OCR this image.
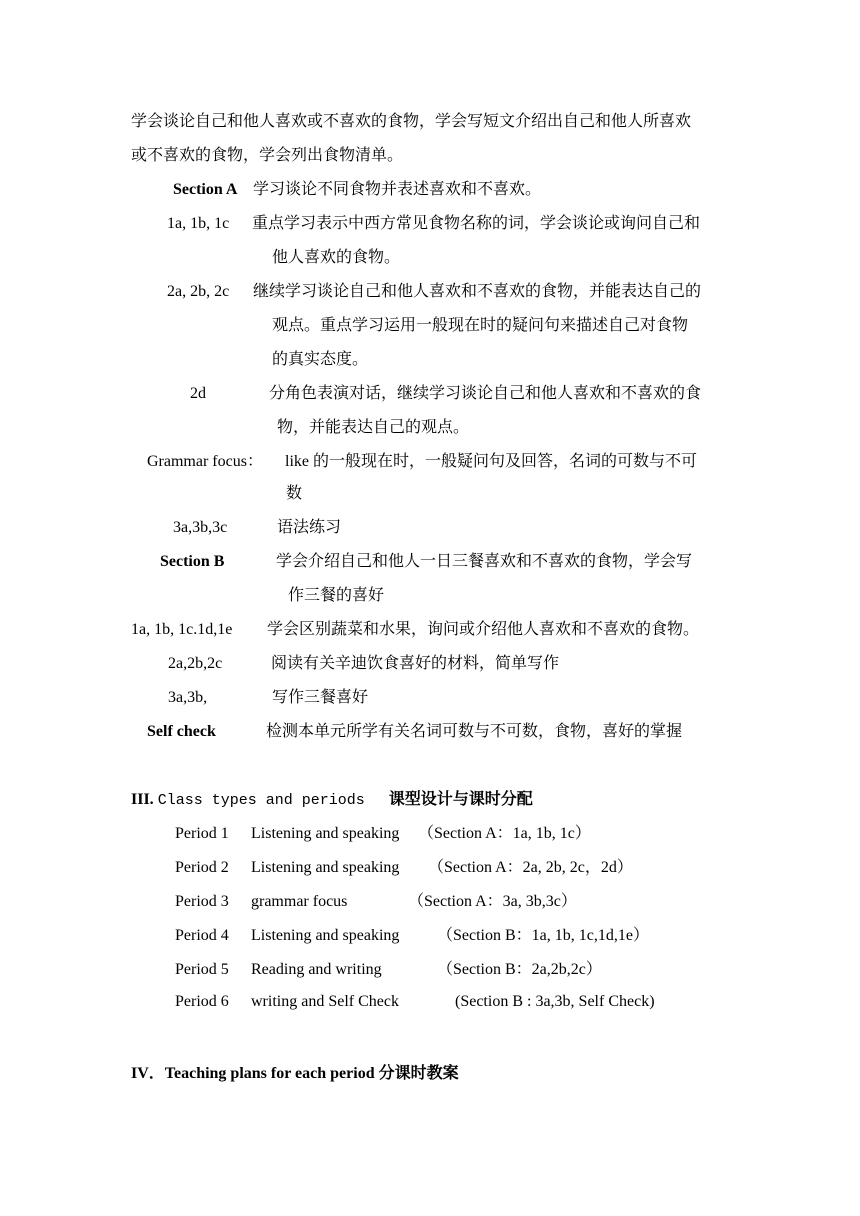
学会谈论自己和他人喜欢或不喜欢的食物，学会写短文介绍出自己和他人所喜欢
或不喜欢的食物，学会列出食物清单。
Section A 学习谈论不同食物并表述喜欢和不喜欢。
1a, 1b, 1c 重点学习表示中西方常见食物名称的词，学会谈论或询问自己和
他人喜欢的食物。
2a, 2b, 2c 继续学习谈论自己和他人喜欢和不喜欢的食物，并能表达自己的
观点。重点学习运用一般现在时的疑问句来描述自己对食物
的真实态度。
2d	分角色表演对话，继续学习谈论自己和他人喜欢和不喜欢的食
物，并能表达自己的观点。
Grammar focus： like 的一般现在时，一般疑问句及回答，名词的可数与不可
数
3a,3b,3c	语法练习
Section B	学会介绍自己和他人一日三餐喜欢和不喜欢的食物，学会写
作三餐的喜好
1a, 1b, 1c.1d,1e 学会区别蔬菜和水果，询问或介绍他人喜欢和不喜欢的食物。
2a,2b,2c	阅读有关辛迪饮食喜好的材料，简单写作
3a,3b,	写作三餐喜好
Self check	检测本单元所学有关名词可数与不可数，食物，喜好的掌握
III. Class types and periods 课型设计与课时分配
Period 1 Listening and speaking （Section A：1a, 1b, 1c）
Period 2 Listening and speaking （Section A：2a, 2b, 2c，2d）
Period 3 grammar focus	（Section A：3a, 3b,3c）
Period 4 Listening and speaking （Section B：1a, 1b, 1c,1d,1e）
Period 5 Reading and writing	（Section B：2a,2b,2c）
Period 6 writing and Self Check	(Section B : 3a,3b, Self Check)
IV．Teaching plans for each period 分课时教案
